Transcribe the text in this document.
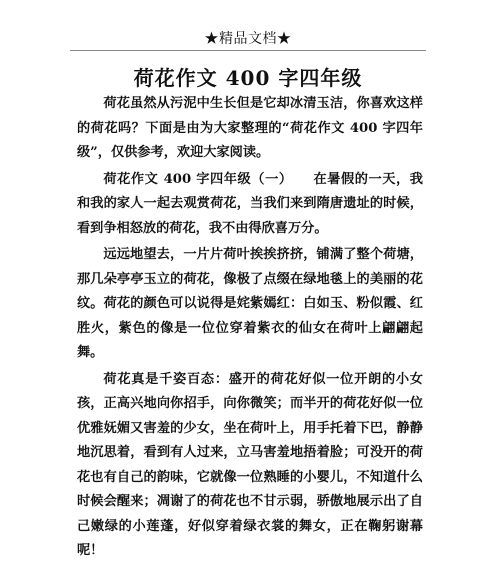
★精品文档★
荷花作文 400 字四年级

荷花虽然从污泥中生长但是它却冰清玉洁，你喜欢这样的荷花吗？下面是由为大家整理的“荷花作文 400 字四年级”，仅供参考，欢迎大家阅读。

荷花作文 400 字四年级（一）　　在暑假的一天，我和我的家人一起去观赏荷花，当我们来到隋唐遗址的时候，看到争相怒放的荷花，我不由得欣喜万分。

远远地望去，一片片荷叶挨挨挤挤，铺满了整个荷塘，那几朵亭亭玉立的荷花，像极了点缀在绿地毯上的美丽的花纹。荷花的颜色可以说得是姹紫嫣红：白如玉、粉似霞、红胜火，紫色的像是一位位穿着紫衣的仙女在荷叶上翩翩起舞。

荷花真是千姿百态：盛开的荷花好似一位开朗的小女孩，正高兴地向你招手，向你微笑；而半开的荷花好似一位优雅妩媚又害羞的少女，坐在荷叶上，用手托着下巴，静静地沉思着，看到有人过来，立马害羞地捂着脸；可没开的荷花也有自己的韵味，它就像一位熟睡的小婴儿，不知道什么时候会醒来；凋谢了的荷花也不甘示弱，骄傲地展示出了自己嫩绿的小莲蓬，好似穿着绿衣裳的舞女，正在鞠躬谢幕呢！
